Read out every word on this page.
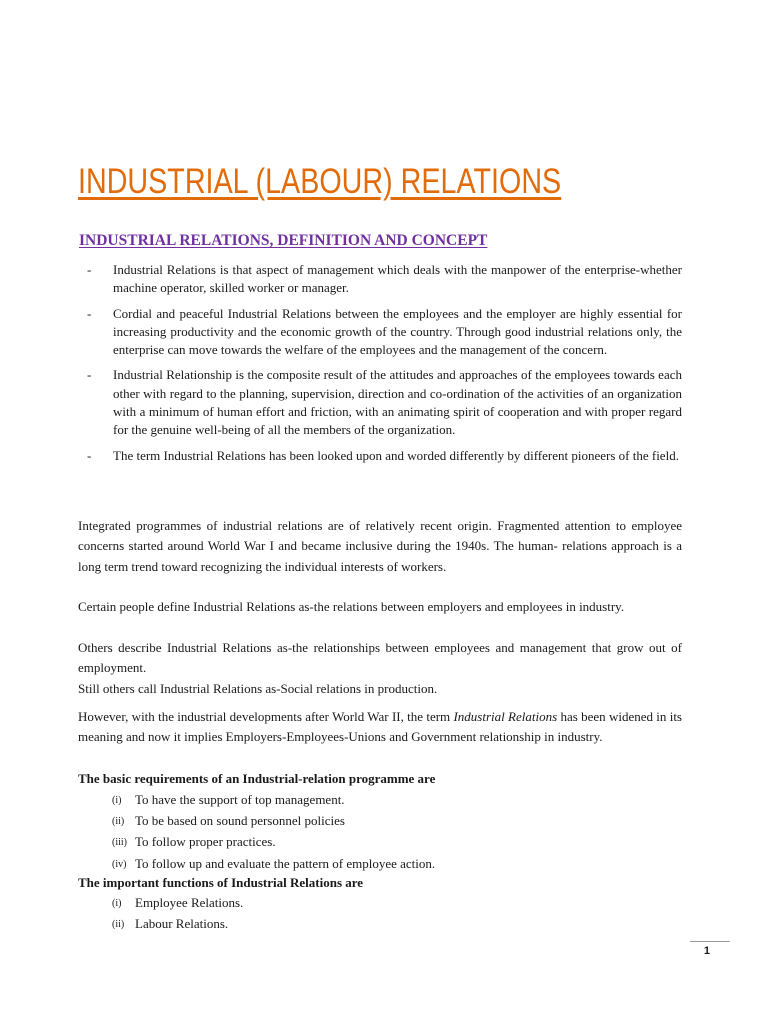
INDUSTRIAL (LABOUR) RELATIONS
INDUSTRIAL RELATIONS, DEFINITION AND CONCEPT
- Industrial Relations is that aspect of management which deals with the manpower of the enterprise-whether machine operator, skilled worker or manager.
- Cordial and peaceful Industrial Relations between the employees and the employer are highly essential for increasing productivity and the economic growth of the country. Through good industrial relations only, the enterprise can move towards the welfare of the employees and the management of the concern.
- Industrial Relationship is the composite result of the attitudes and approaches of the employees towards each other with regard to the planning, supervision, direction and co-ordination of the activities of an organization with a minimum of human effort and friction, with an animating spirit of cooperation and with proper regard for the genuine well-being of all the members of the organization.
- The term Industrial Relations has been looked upon and worded differently by different pioneers of the field.

Integrated programmes of industrial relations are of relatively recent origin. Fragmented attention to employee concerns started around World War I and became inclusive during the 1940s. The human- relations approach is a long term trend toward recognizing the individual interests of workers.

Certain people define Industrial Relations as-the relations between employers and employees in industry.

Others describe Industrial Relations as-the relationships between employees and management that grow out of employment.

Still others call Industrial Relations as-Social relations in production.

However, with the industrial developments after World War II, the term Industrial Relations has been widened in its meaning and now it implies Employers-Employees-Unions and Government relationship in industry.

The basic requirements of an Industrial-relation programme are
(i) To have the support of top management.
(ii) To be based on sound personnel policies
(iii) To follow proper practices.
(iv) To follow up and evaluate the pattern of employee action.
The important functions of Industrial Relations are
(i) Employee Relations.
(ii) Labour Relations.
1
